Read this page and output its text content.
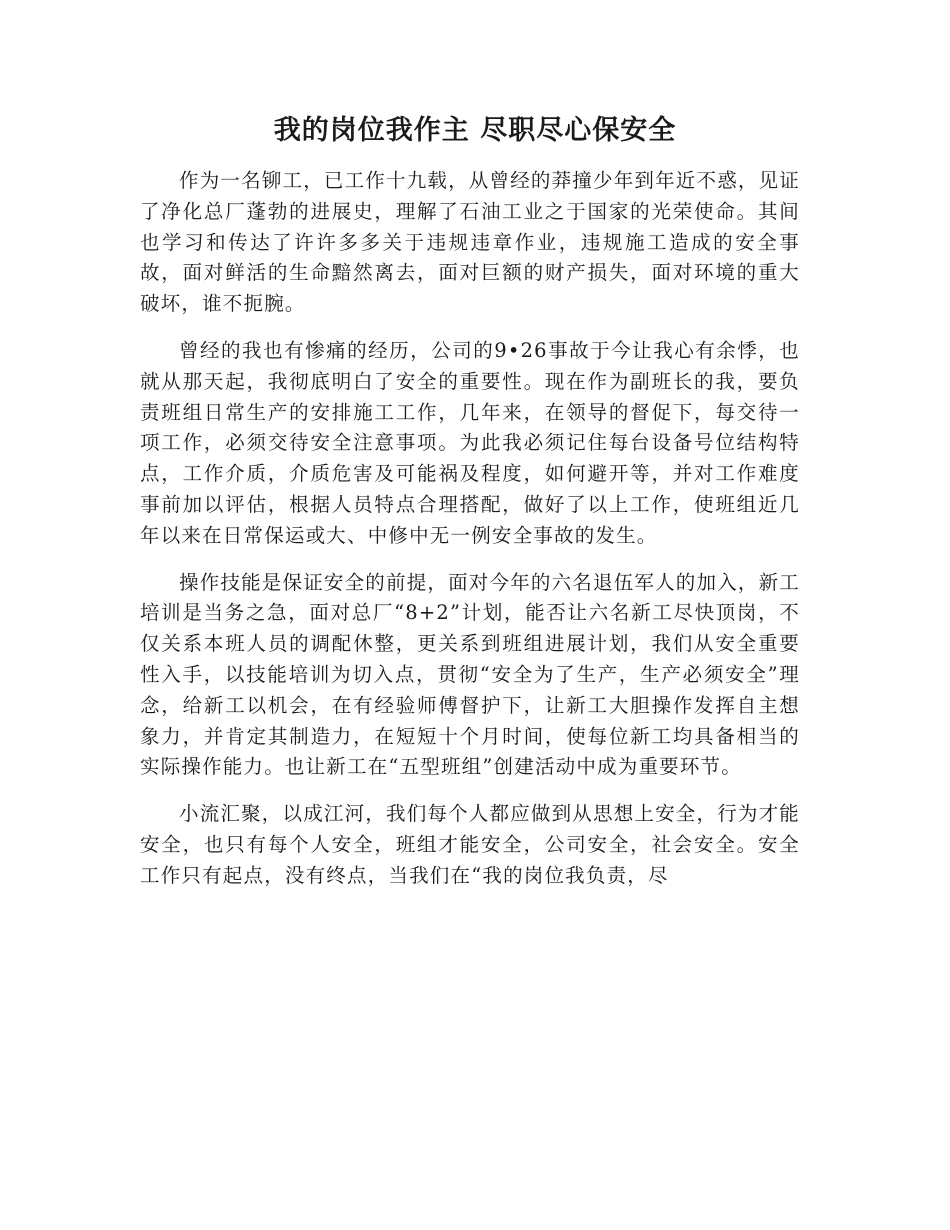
我的岗位我作主 尽职尽心保安全

作为一名铆工，已工作十九载，从曾经的莽撞少年到年近不惑，见证了净化总厂蓬勃的进展史，理解了石油工业之于国家的光荣使命。其间也学习和传达了许许多多关于违规违章作业，违规施工造成的安全事故，面对鲜活的生命黯然离去，面对巨额的财产损失，面对环境的重大破坏，谁不扼腕。

曾经的我也有惨痛的经历，公司的9•26事故于今让我心有余悸，也就从那天起，我彻底明白了安全的重要性。现在作为副班长的我，要负责班组日常生产的安排施工工作，几年来，在领导的督促下，每交待一项工作，必须交待安全注意事项。为此我必须记住每台设备号位结构特点，工作介质，介质危害及可能祸及程度，如何避开等，并对工作难度事前加以评估，根据人员特点合理搭配，做好了以上工作，使班组近几年以来在日常保运或大、中修中无一例安全事故的发生。

操作技能是保证安全的前提，面对今年的六名退伍军人的加入，新工培训是当务之急，面对总厂“8+2”计划，能否让六名新工尽快顶岗，不仅关系本班人员的调配休整，更关系到班组进展计划，我们从安全重要性入手，以技能培训为切入点，贯彻“安全为了生产，生产必须安全”理念，给新工以机会，在有经验师傅督护下，让新工大胆操作发挥自主想象力，并肯定其制造力，在短短十个月时间，使每位新工均具备相当的实际操作能力。也让新工在“五型班组”创建活动中成为重要环节。

小流汇聚，以成江河，我们每个人都应做到从思想上安全，行为才能安全，也只有每个人安全，班组才能安全，公司安全，社会安全。安全工作只有起点，没有终点，当我们在“我的岗位我负责，尽
